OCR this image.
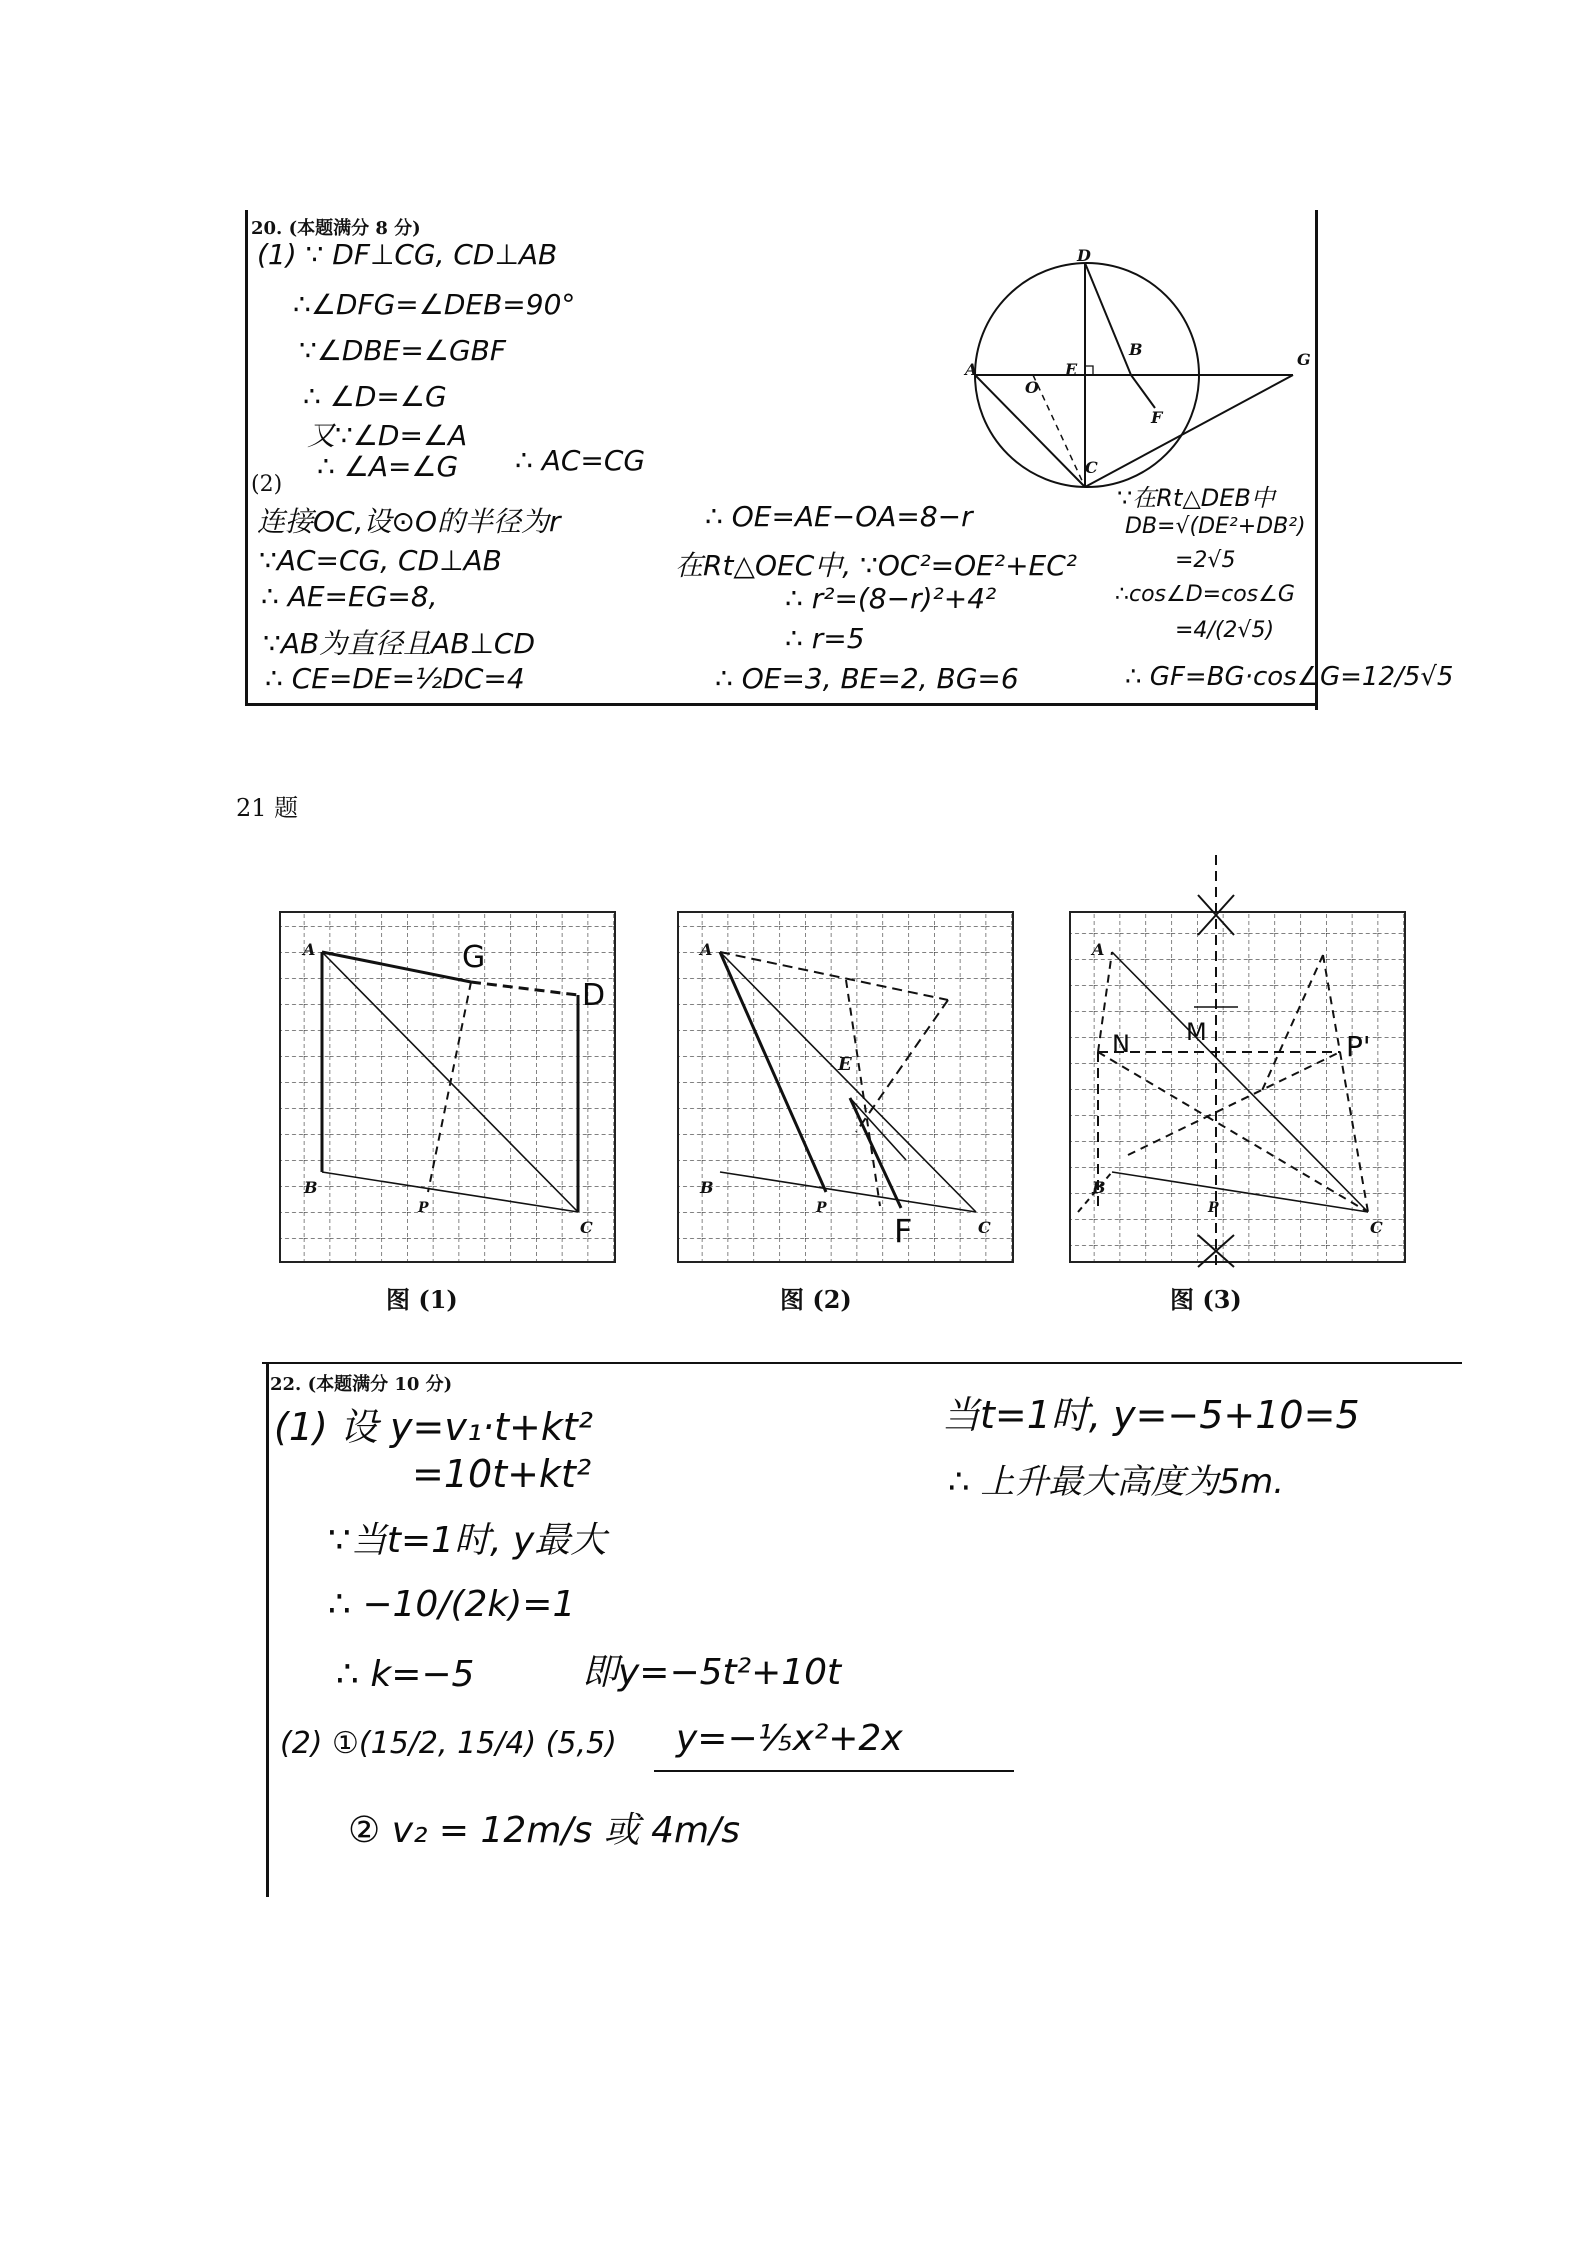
20. (本题满分 8 分)
(1) ∵ DF⊥CG, CD⊥AB
∴∠DFG=∠DEB=90°
∵∠DBE=∠GBF
∴ ∠D=∠G
又∵∠D=∠A
∴ ∠A=∠G ∴ AC=CG
(2)
连接OC,设⊙O的半径为r
∵AC=CG, CD⊥AB
∴ AE=EG=8,
∵AB为直径且AB⊥CD
∴ CE=DE=½DC=4
∴ OE=AE−OA=8−r
在Rt△OEC中, ∵OC²=OE²+EC²
∴ r²=(8−r)²+4²
∴ r=5
∴ OE=3, BE=2, BG=6
∵在Rt△DEB中
DB=√(DE²+DB²)
=2√5
∴cos∠D=cos∠G
=4/(2√5)
∴ GF=BG·cos∠G=12/5√5
D
A
O
E
B
G
F
C
21 题
A	G
D
B
P
C
图 (1)
A
E
B
P
F	C
图 (2)
A
N M	P'
B
P
C
图 (3)
22. (本题满分 10 分)
(1) 设 y=v₁·t+kt²
=10t+kt²
∵当t=1时, y最大
∴ −10/(2k)=1
∴ k=−5	即y=−5t²+10t
(2) ①(15/2, 15/4) (5,5) y=−⅕x²+2x
② v₂ = 12m/s 或 4m/s
当t=1时, y=−5+10=5
∴ 上升最大高度为5m.
